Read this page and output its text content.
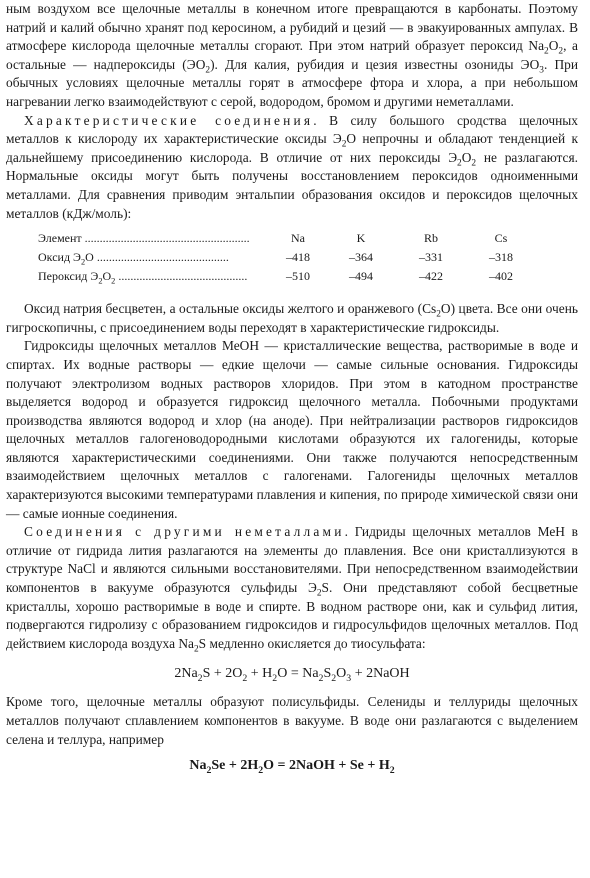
ным воздухом все щелочные металлы в конечном итоге превращаются в карбонаты. Поэтому натрий и калий обычно хранят под керосином, а рубидий и цезий — в эвакуированных ампулах. В атмосфере кислорода щелочные металлы сгорают. При этом натрий образует пероксид $Na_2O_2$, а остальные — надпероксиды $(ЭО_2)$. Для калия, рубидия и цезия известны озониды $ЭО_3$. При обычных условиях щелочные металлы горят в атмосфере фтора и хлора, а при небольшом нагревании легко взаимодействуют с серой, водородом, бромом и другими неметаллами.

Характеристические соединения. В силу большого сродства щелочных металлов к кислороду их характеристические оксиды $Э_2О$ непрочны и обладают тенденцией к дальнейшему присоединению кислорода. В отличие от них пероксиды $Э_2O_2$ не разлагаются. Нормальные оксиды могут быть получены восстановлением пероксидов одноименными металлами. Для сравнения приводим энтальпии образования оксидов и пероксидов щелочных металлов (кДж/моль):

Элемент .......................................................	Na	K	Rb	Cs
Оксид $Э_2О$ ............................................	–418	–364	–331	–318
Пероксид $Э_2O_2$ ...........................................	–510	–494	–422	–402

Оксид натрия бесцветен, а остальные оксиды желтого и оранжевого $(Cs_2O)$ цвета. Все они очень гигроскопичны, с присоединением воды переходят в характеристические гидроксиды.

Гидроксиды щелочных металлов МеОН — кристаллические вещества, растворимые в воде и спиртах. Их водные растворы — едкие щелочи — самые сильные основания. Гидроксиды получают электролизом водных растворов хлоридов. При этом в катодном пространстве выделяется водород и образуется гидроксид щелочного металла. Побочными продуктами производства являются водород и хлор (на аноде). При нейтрализации растворов гидроксидов щелочных металлов галогеноводородными кислотами образуются их галогениды, которые являются характеристическими соединениями. Они также получаются непосредственным взаимодействием щелочных металлов с галогенами. Галогениды щелочных металлов характеризуются высокими температурами плавления и кипения, по природе химической связи они — самые ионные соединения.

Соединения с другими неметаллами. Гидриды щелочных металлов МеН в отличие от гидрида лития разлагаются на элементы до плавления. Все они кристаллизуются в структуре NaCl и являются сильными восстановителями. При непосредственном взаимодействии компонентов в вакууме образуются сульфиды $Э_2S$. Они представляют собой бесцветные кристаллы, хорошо растворимые в воде и спирте. В водном растворе они, как и сульфид лития, подвергаются гидролизу с образованием гидроксидов и гидросульфидов щелочных металлов. Под действием кислорода воздуха $Na_2S$ медленно окисляется до тиосульфата:

$2Na_2S + 2O_2 + H_2O = Na_2S_2O_3$ + 2NaOH

Кроме того, щелочные металлы образуют полисульфиды. Селениды и теллуриды щелочных металлов получают сплавлением компонентов в вакууме. В воде они разлагаются с выделением селена и теллура, например

$Na_2Se + 2H_2O$ = 2NaOH + $Se + H_2$
